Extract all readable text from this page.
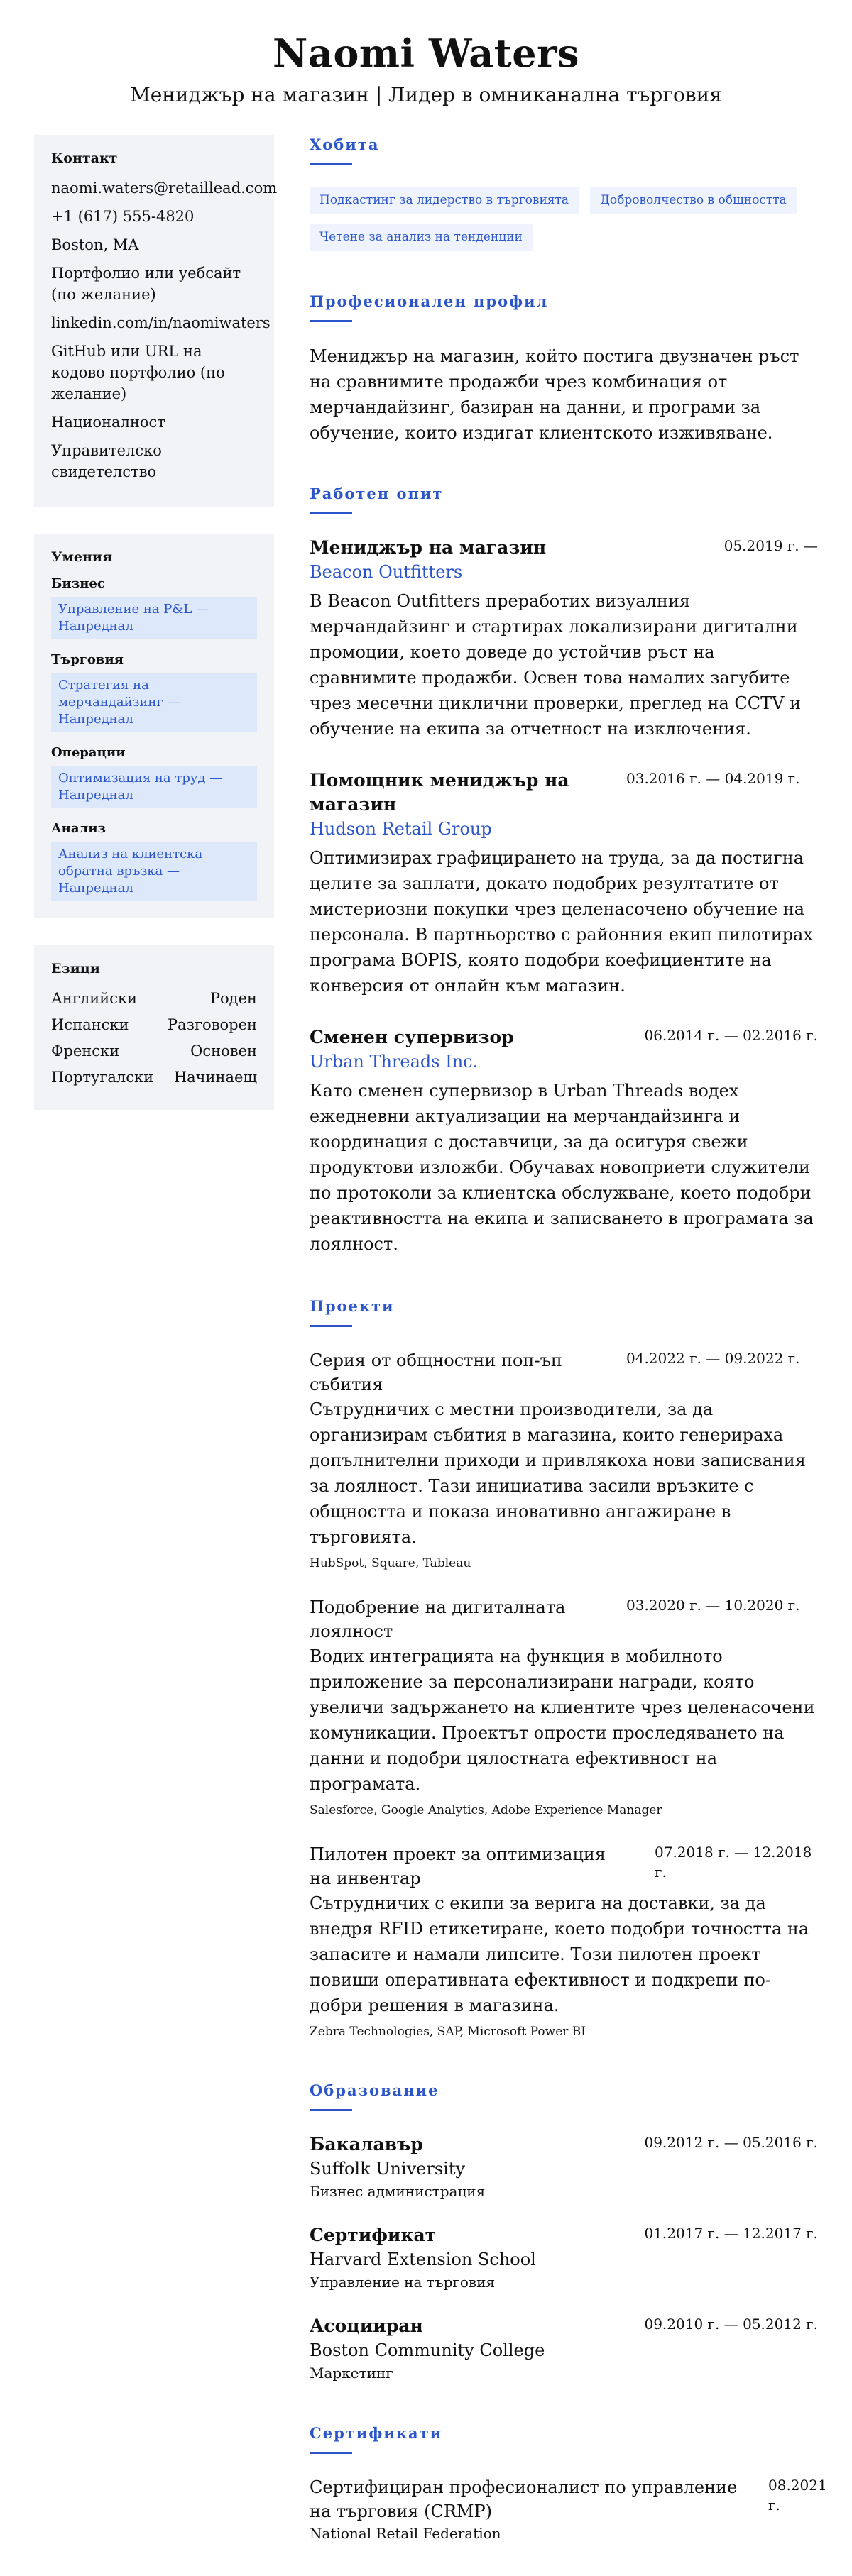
Naomi Waters
Мениджър на магазин | Лидер в омниканална търговия
Контакт
naomi.waters@retaillead.com
+1 (617) 555-4820
Boston, MA
Портфолио или уебсайт (по желание)
linkedin.com/in/naomiwaters
GitHub или URL на кодово портфолио (по желание)
Националност
Управителско свидетелство
Умения
Бизнес
Управление на P&L — Напреднал
Търговия
Стратегия на мерчандайзинг — Напреднал
Операции
Оптимизация на труд — Напреднал
Анализ
Анализ на клиентска обратна връзка — Напреднал
Езици
Английски	Роден
Испански	Разговорен
Френски	Основен
Португалски Начинаещ
Хобита
Подкастинг за лидерство в търговията	Доброволчество в общността
Четене за анализ на тенденции
Професионален профил

Мениджър на магазин, който постига двузначен ръст на сравнимите продажби чрез комбинация от мерчандайзинг, базиран на данни, и програми за обучение, които издигат клиентското изживяване.

Работен опит
Мениджър на магазин	05.2019 г. —
Beacon Outfitters

В Beacon Outfitters преработих визуалния мерчандайзинг и стартирах локализирани дигитални промоции, което доведе до устойчив ръст на сравнимите продажби. Освен това намалих загубите чрез месечни циклични проверки, преглед на CCTV и обучение на екипа за отчетност на изключения.

Помощник мениджър на магазин
03.2016 г. — 04.2019 г.
Hudson Retail Group

Оптимизирах графицирането на труда, за да постигна целите за заплати, докато подобрих резултатите от мистериозни покупки чрез целенасочено обучение на персонала. В партньорство с районния екип пилотирах програма BOPIS, която подобри коефициентите на конверсия от онлайн към магазин.

Сменен супервизор	06.2014 г. — 02.2016 г.
Urban Threads Inc.

Като сменен супервизор в Urban Threads водех ежедневни актуализации на мерчандайзинга и координация с доставчици, за да осигуря свежи продуктови изложби. Обучавах новоприети служители по протоколи за клиентска обслужване, което подобри реактивността на екипа и записването в програмата за лоялност.

Проекти
Серия от общностни поп-ъп събития
04.2022 г. — 09.2022 г.

Сътрудничих с местни производители, за да организирам събития в магазина, които генерираха допълнителни приходи и привлякоха нови записвания за лоялност. Тази инициатива засили връзките с общността и показа иновативно ангажиране в търговията.

HubSpot, Square, Tableau
Подобрение на дигиталната лоялност
03.2020 г. — 10.2020 г.

Водих интеграцията на функция в мобилното приложение за персонализирани награди, която увеличи задържането на клиентите чрез целенасочени комуникации. Проектът опрости проследяването на данни и подобри цялостната ефективност на програмата.

Salesforce, Google Analytics, Adobe Experience Manager
Пилотен проект за оптимизация на инвентар
07.2018 г. — 12.2018 г.

Сътрудничих с екипи за верига на доставки, за да внедря RFID етикетиране, което подобри точността на запасите и намали липсите. Този пилотен проект повиши оперативната ефективност и подкрепи по-добри решения в магазина.

Zebra Technologies, SAP, Microsoft Power BI
Образование
Бакалавър	09.2012 г. — 05.2016 г.
Suffolk University
Бизнес администрация
Сертификат	01.2017 г. — 12.2017 г.
Harvard Extension School
Управление на търговия
Асоцииран	09.2010 г. — 05.2012 г.
Boston Community College
Маркетинг
Сертификати
Сертифициран професионалист по управление на търговия (CRMP)
08.2021 г.
National Retail Federation
